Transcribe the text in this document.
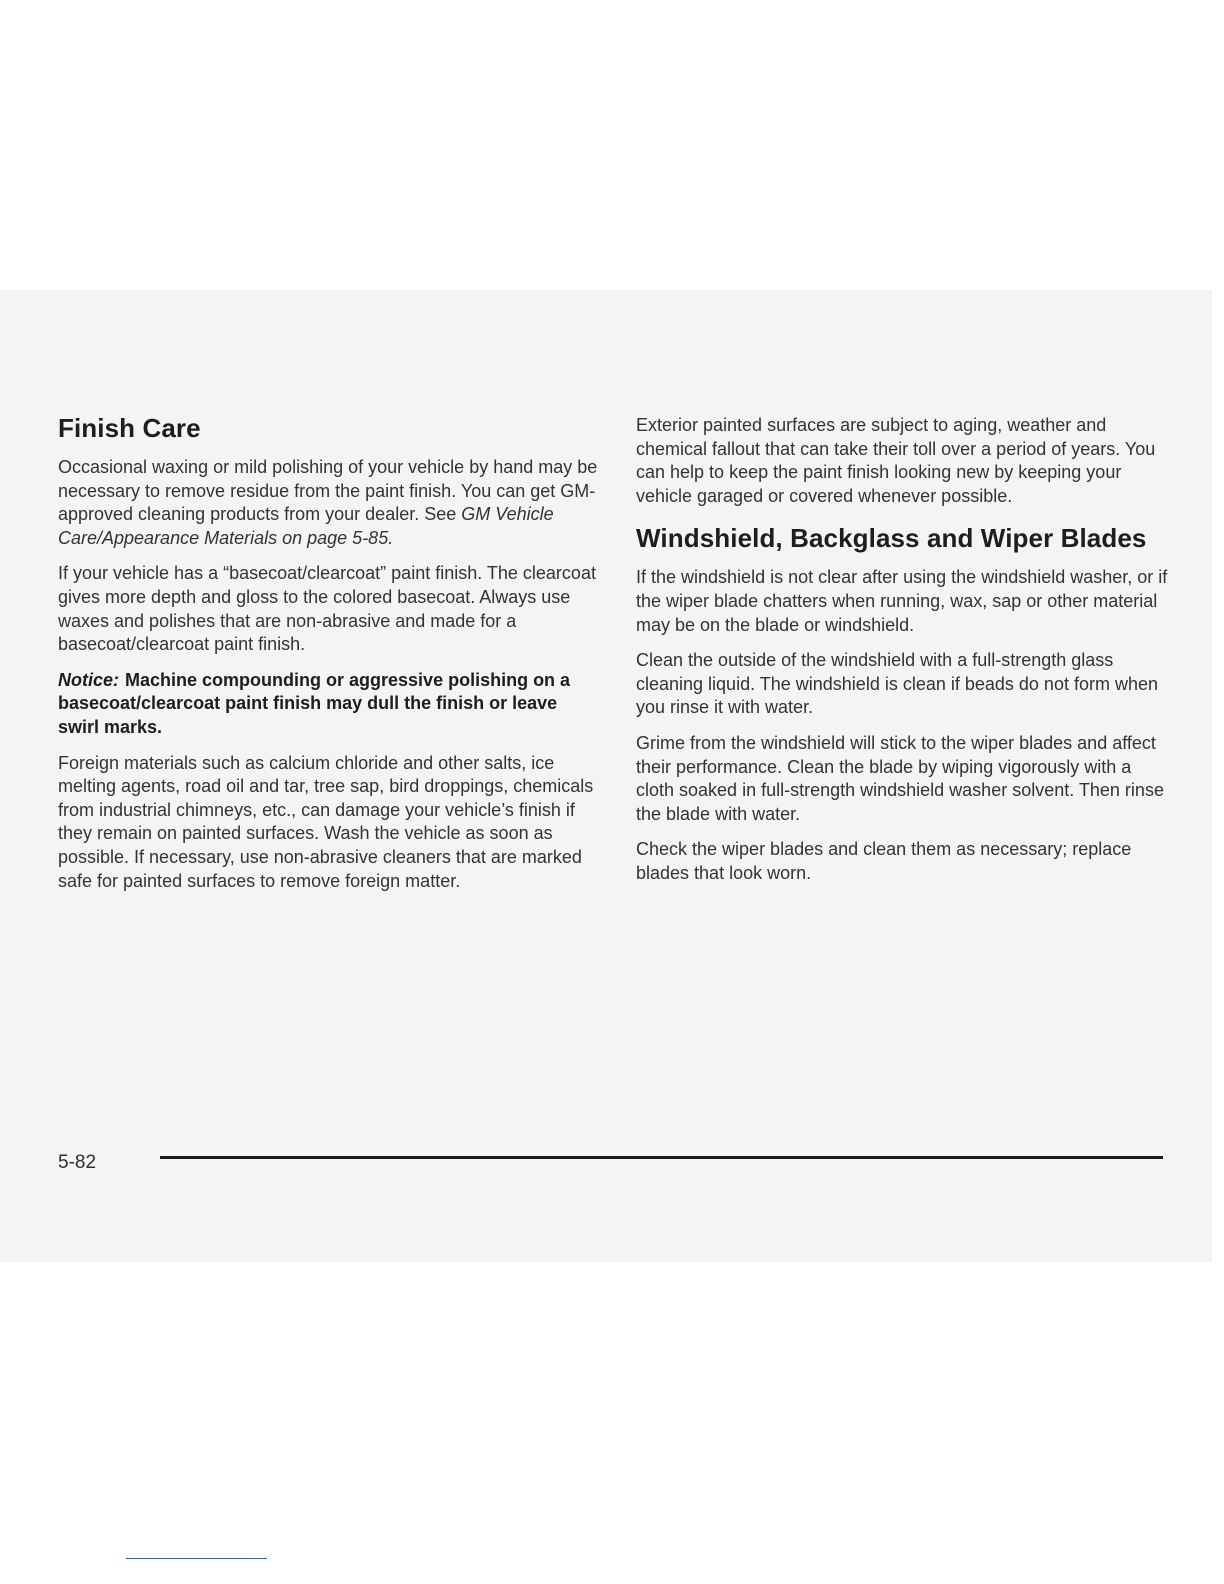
Finish Care

Occasional waxing or mild polishing of your vehicle by hand may be necessary to remove residue from the paint finish. You can get GM-approved cleaning products from your dealer. See GM Vehicle Care/Appearance Materials on page 5-85.

If your vehicle has a “basecoat/clearcoat” paint finish. The clearcoat gives more depth and gloss to the colored basecoat. Always use waxes and polishes that are non-abrasive and made for a basecoat/clearcoat paint finish.

Notice: Machine compounding or aggressive polishing on a basecoat/clearcoat paint finish may dull the finish or leave swirl marks.

Foreign materials such as calcium chloride and other salts, ice melting agents, road oil and tar, tree sap, bird droppings, chemicals from industrial chimneys, etc., can damage your vehicle’s finish if they remain on painted surfaces. Wash the vehicle as soon as possible. If necessary, use non-abrasive cleaners that are marked safe for painted surfaces to remove foreign matter.

Exterior painted surfaces are subject to aging, weather and chemical fallout that can take their toll over a period of years. You can help to keep the paint finish looking new by keeping your vehicle garaged or covered whenever possible.

Windshield, Backglass and Wiper Blades

If the windshield is not clear after using the windshield washer, or if the wiper blade chatters when running, wax, sap or other material may be on the blade or windshield.

Clean the outside of the windshield with a full-strength glass cleaning liquid. The windshield is clean if beads do not form when you rinse it with water.

Grime from the windshield will stick to the wiper blades and affect their performance. Clean the blade by wiping vigorously with a cloth soaked in full-strength windshield washer solvent. Then rinse the blade with water.

Check the wiper blades and clean them as necessary; replace blades that look worn.

5-82
